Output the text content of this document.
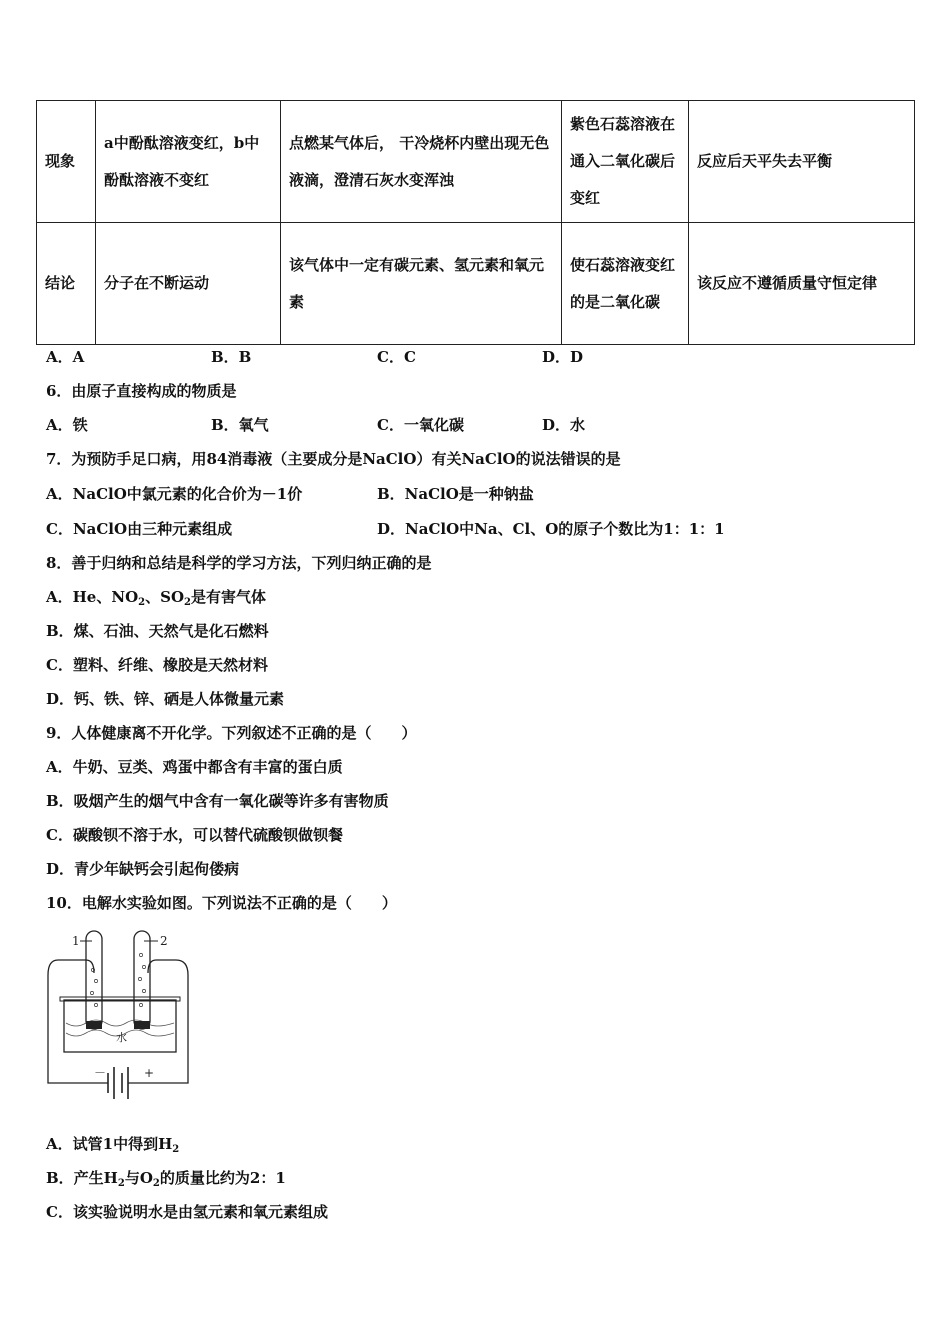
现象	a中酚酞溶液变红，b中酚酞溶液不变红	点燃某气体后， 干冷烧杯内壁出现无色液滴，澄清石灰水变浑浊	紫色石蕊溶液在通入二氧化碳后变红	反应后天平失去平衡
结论	分子在不断运动	该气体中一定有碳元素、氢元素和氧元素	使石蕊溶液变红的是二氧化碳	该反应不遵循质量守恒定律
A．A	B．B	C．C	D．D
6．由原子直接构成的物质是
A．铁	B．氧气	C．一氧化碳	D．水
7．为预防手足口病，用84消毒液（主要成分是NaClO）有关NaClO的说法错误的是
A．NaClO中氯元素的化合价为－1价	B．NaClO是一种钠盐
C．NaClO由三种元素组成	D．NaClO中Na、Cl、O的原子个数比为1：1：1
8．善于归纳和总结是科学的学习方法，下列归纳正确的是
A．He、$NO_2$、$SO_2$是有害气体
B．煤、石油、天然气是化石燃料
C．塑料、纤维、橡胶是天然材料
D．钙、铁、锌、硒是人体微量元素
9．人体健康离不开化学。下列叙述不正确的是（　　）
A．牛奶、豆类、鸡蛋中都含有丰富的蛋白质
B．吸烟产生的烟气中含有一氧化碳等许多有害物质
C．碳酸钡不溶于水，可以替代硫酸钡做钡餐
D．青少年缺钙会引起佝偻病
10．电解水实验如图。下列说法不正确的是（　　）
－	+
水
1	2
A．试管1中得到$H_2$
B．产生$H_2$与$O_2$的质量比约为2：1
C．该实验说明水是由氢元素和氧元素组成
